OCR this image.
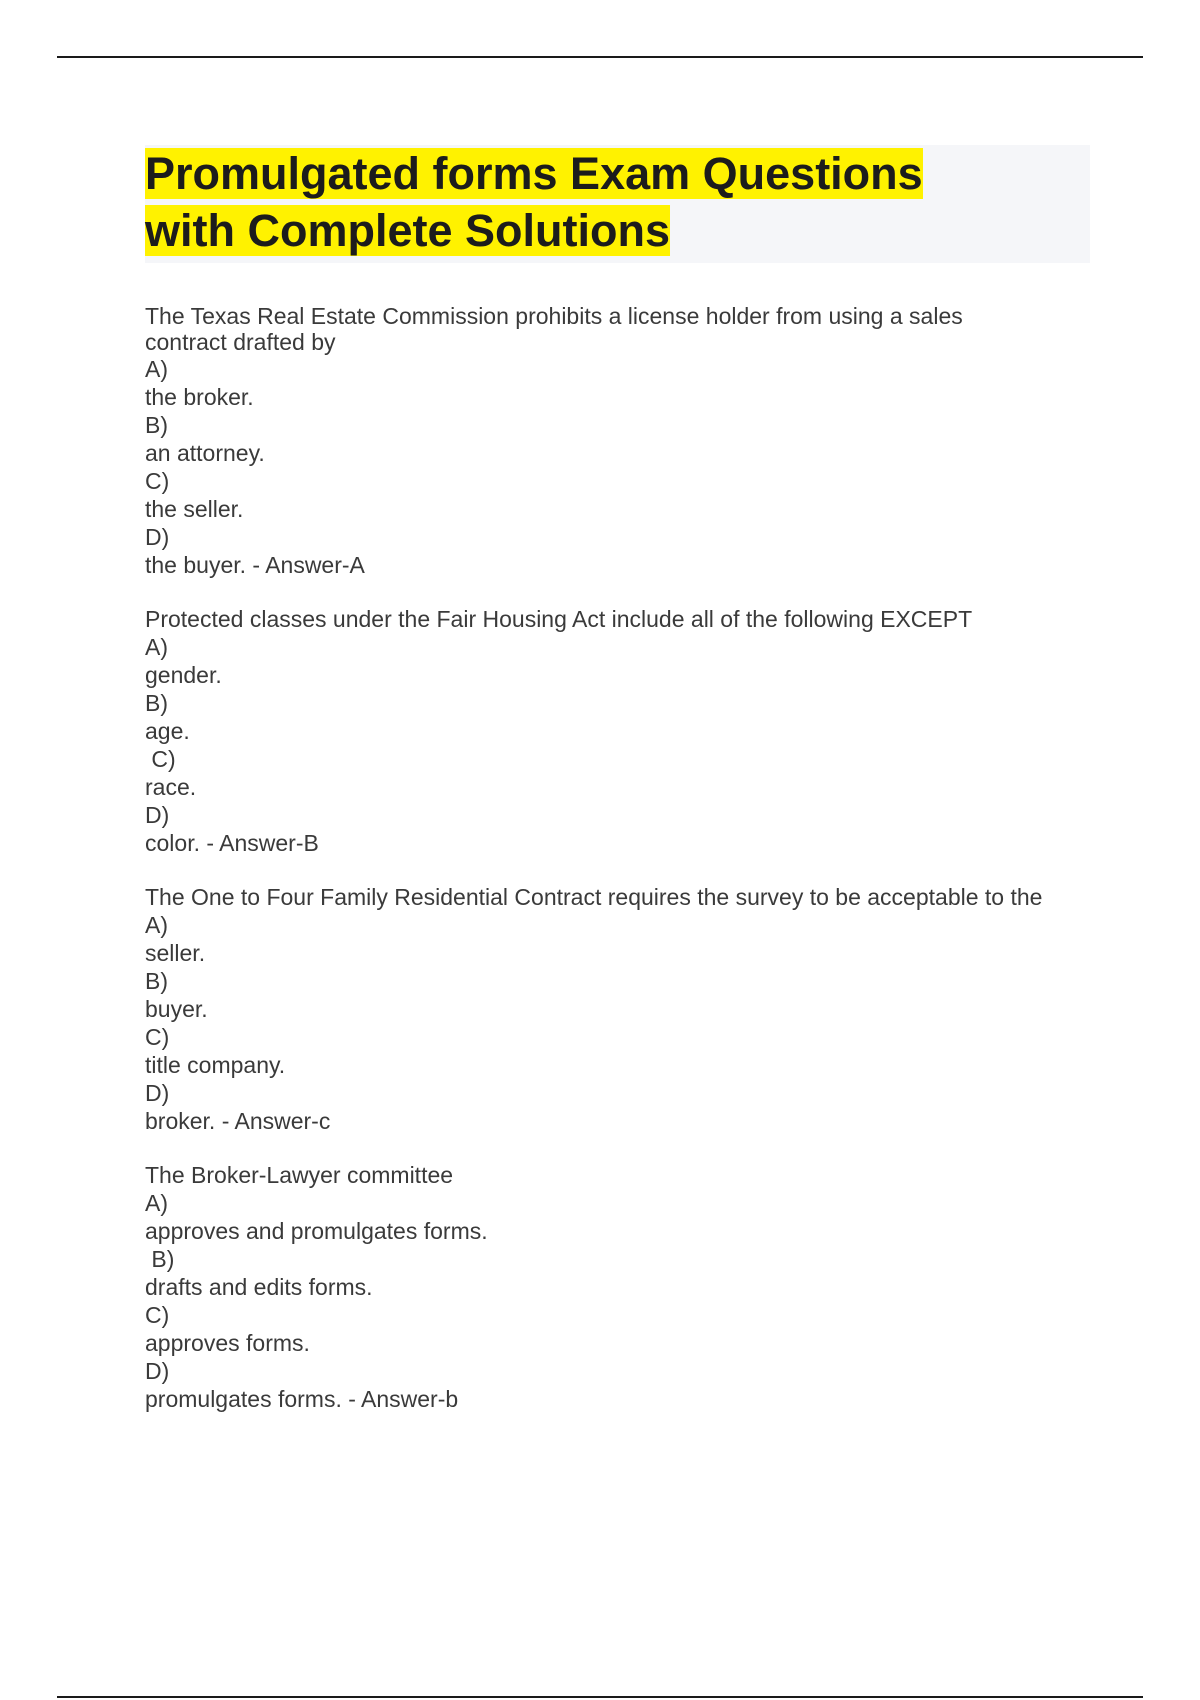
Promulgated forms Exam Questions
with Complete Solutions
The Texas Real Estate Commission prohibits a license holder from using a sales contract drafted by
A)
the broker.
B)
an attorney.
C)
the seller.
D)
the buyer. - Answer-A
Protected classes under the Fair Housing Act include all of the following EXCEPT
A)
gender.
B)
age.
C)
race.
D)
color. - Answer-B
The One to Four Family Residential Contract requires the survey to be acceptable to the
A)
seller.
B)
buyer.
C)
title company.
D)
broker. - Answer-c
The Broker-Lawyer committee
A)
approves and promulgates forms.
B)
drafts and edits forms.
C)
approves forms.
D)
promulgates forms. - Answer-b
